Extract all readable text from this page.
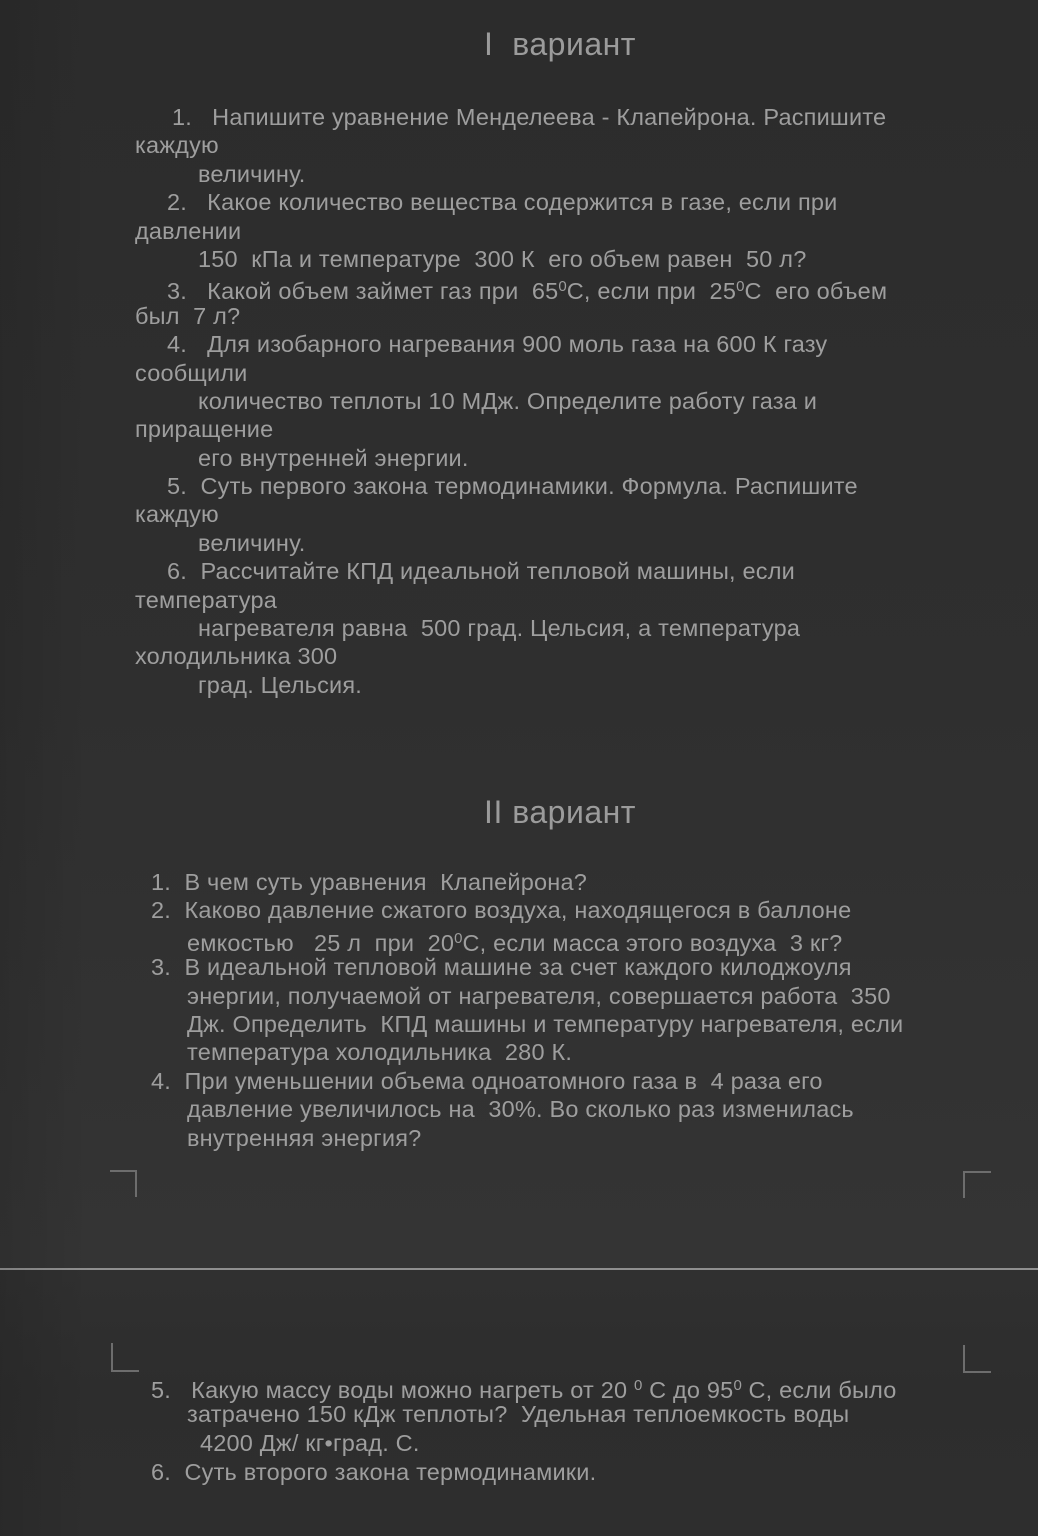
I  вариант
1.   Напишите уравнение Менделеева - Клапейрона. Распишите
каждую
величину.
2.   Какое количество вещества содержится в газе, если при
давлении
150  кПа и температуре  300 К  его объем равен  50 л?
3.   Какой объем займет газ при  $65^0С$, если при  $25^0С$  его объем
был  7 л?
4.   Для изобарного нагревания 900 моль газа на 600 К газу
сообщили
количество теплоты 10 МДж. Определите работу газа и
приращение
его внутренней энергии.
5.  Суть первого закона термодинамики. Формула. Распишите
каждую
величину.
6.  Рассчитайте КПД идеальной тепловой машины, если
температура
нагревателя равна  500 град. Цельсия, а температура
холодильника 300
град. Цельсия.
II вариант
1.  В чем суть уравнения  Клапейрона?
2.  Каково давление сжатого воздуха, находящегося в баллоне
емкостью   25 л  при  $20^0С$, если масса этого воздуха  3 кг?
3.  В идеальной тепловой машине за счет каждого килоджоуля
энергии, получаемой от нагревателя, совершается работа  350
Дж. Определить  КПД машины и температуру нагревателя, если
температура холодильника  280 К.
4.  При уменьшении объема одноатомного газа в  4 раза его
давление увеличилось на  30%. Во сколько раз изменилась
внутренняя энергия?
5.   Какую массу воды можно нагреть от 20 $^0$ С до $95^0$ С, если было
затрачено 150 кДж теплоты?  Удельная теплоемкость воды
4200 Дж/ кг•град. С.
6.  Суть второго закона термодинамики.
